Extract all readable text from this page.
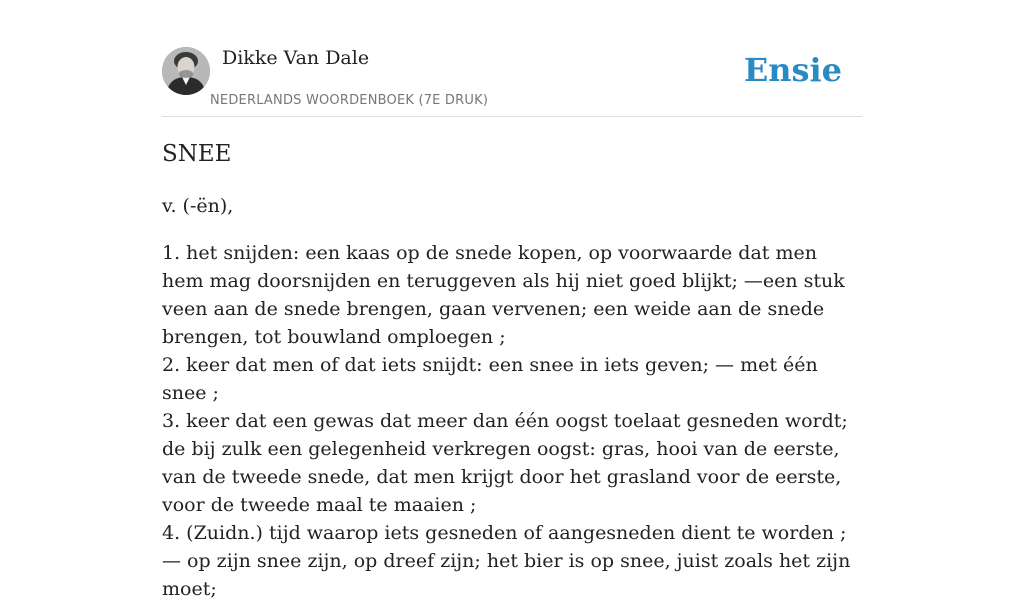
Dikke Van Dale
NEDERLANDS WOORDENBOEK (7E DRUK)
Ensie
SNEE

v. (-ën),

1. het snijden: een kaas op de snede kopen, op voorwaarde dat men hem mag doorsnijden en teruggeven als hij niet goed blijkt; —een stuk veen aan de snede brengen, gaan vervenen; een weide aan de snede brengen, tot bouwland omploegen ;
2. keer dat men of dat iets snijdt: een snee in iets geven; — met één snee ;
3. keer dat een gewas dat meer dan één oogst toelaat gesneden wordt; de bij zulk een gelegenheid verkregen oogst: gras, hooi van de eerste, van de tweede snede, dat men krijgt door het grasland voor de eerste, voor de tweede maal te maaien ;
4. (Zuidn.) tijd waarop iets gesneden of aangesneden dient te worden ; — op zijn snee zijn, op dreef zijn; het bier is op snee, juist zoals het zijn moet;
